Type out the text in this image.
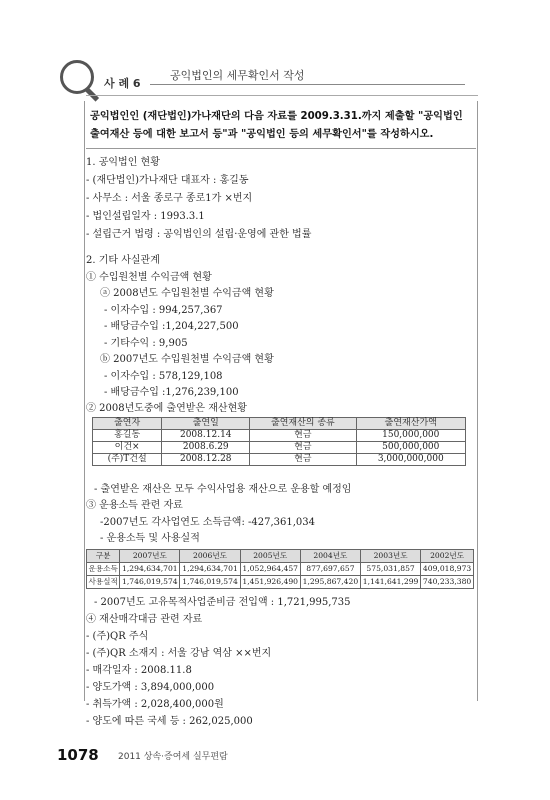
사 례 6
공익법인의 세무확인서 작성
공익법인인 (재단법인)가나재단의 다음 자료를 2009.3.31.까지 제출할 "공익법인 출여재산 등에 대한 보고서 등"과 "공익법인 등의 세무확인서"를 작성하시오.
1. 공익법인 현황
- (재단법인)가나재단 대표자 : 홍길동
- 사무소 : 서울 종로구 종로1가 ×번지
- 법인설립일자 : 1993.3.1
- 설립근거 법령 : 공익법인의 설립·운영에 관한 법률
2. 기타 사실관계
① 수입원천별 수익금액 현황
ⓐ 2008년도 수입원천별 수익금액 현황
- 이자수입 : 994,257,367
- 배당금수입 :1,204,227,500
- 기타수익 : 9,905
ⓑ 2007년도 수입원천별 수익금액 현황
- 이자수입 : 578,129,108
- 배당금수입 :1,276,239,100
② 2008년도중에 출연받은 재산현황
출연자	출연일	출연재산의 종류	출연재산가액
홍길동	2008.12.14	현금	150,000,000
이건×	2008.6.29	현금	500,000,000
(주)T건설	2008.12.28	현금	3,000,000,000
- 출연받은 재산은 모두 수익사업용 재산으로 운용할 예정임
③ 운용소득 관련 자료
-2007년도 각사업연도 소득금액: -427,361,034
- 운용소득 및 사용실적
구분	2007년도	2006년도	2005년도	2004년도	2003년도	2002년도
운용소득	1,294,634,701	1,294,634,701	1,052,964,457	877,697,657	575,031,857	409,018,973
사용실적	1,746,019,574	1,746,019,574	1,451,926,490	1,295,867,420	1,141,641,299	740,233,380
- 2007년도 고유목적사업준비금 전입액 : 1,721,995,735
④ 재산매각대금 관련 자료
- (주)QR 주식
- (주)QR 소재지 : 서울 강남 역삼 ××번지
- 매각일자 : 2008.11.8
- 양도가액 : 3,894,000,000
- 취득가액 : 2,028,400,000원
- 양도에 따른 국세 등 : 262,025,000
1078 2011 상속·증여세 실무편람
